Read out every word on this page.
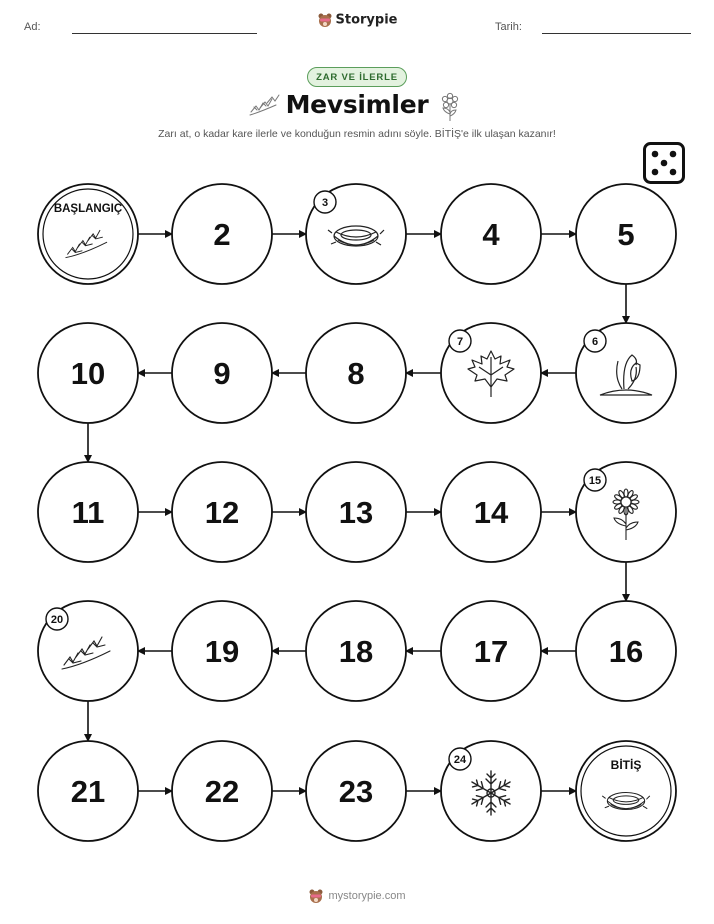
Ad:	Storypie	Tarih:
ZAR VE İLERLE
Mevsimler
Zarı at, o kadar kare ilerle ve konduğun resmin adını söyle. BİTİŞ'e ilk ulaşan kazanır!
BAŞLANGIÇ
2
3
4	5
6
7
8
9
10
11	12	13	14
15
16
17
18
19
20
21	22	23
24	BİTİŞ
mystorypie.com
